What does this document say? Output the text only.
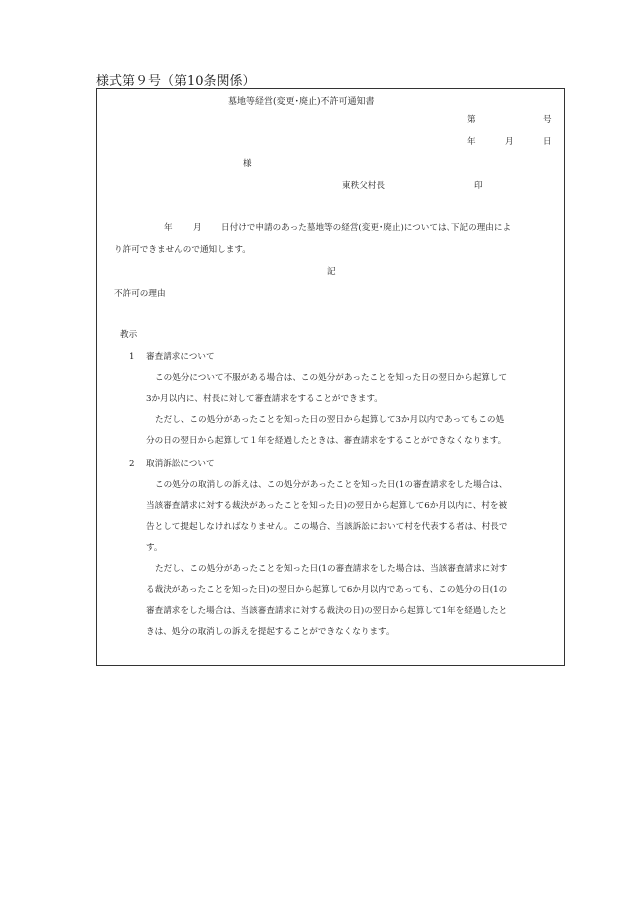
様式第９号（第10条関係）
墓地等経営(変更･廃止)不許可通知書
第	号
年	月	日
様
東秩父村長	印
年 月 日付けで申請のあった墓地等の経営(変更･廃止)については､下記の理由によ
り許可できませんので通知します。
記
不許可の理由
教示
1 審査請求について
この処分について不服がある場合は、この処分があったことを知った日の翌日から起算して
3か月以内に、村長に対して審査請求をすることができます。
ただし、この処分があったことを知った日の翌日から起算して3か月以内であってもこの処
分の日の翌日から起算して１年を経過したときは、審査請求をすることができなくなります。
2 取消訴訟について
この処分の取消しの訴えは、この処分があったことを知った日(1の審査請求をした場合は、
当該審査請求に対する裁決があったことを知った日)の翌日から起算して6か月以内に、村を被
告として提起しなければなりません。この場合、当該訴訟において村を代表する者は、村長で
す。
ただし、この処分があったことを知った日(1の審査請求をした場合は、当該審査請求に対す
る裁決があったことを知った日)の翌日から起算して6か月以内であっても、この処分の日(1の
審査請求をした場合は、当該審査請求に対する裁決の日)の翌日から起算して1年を経過したと
きは、処分の取消しの訴えを提起することができなくなります。
